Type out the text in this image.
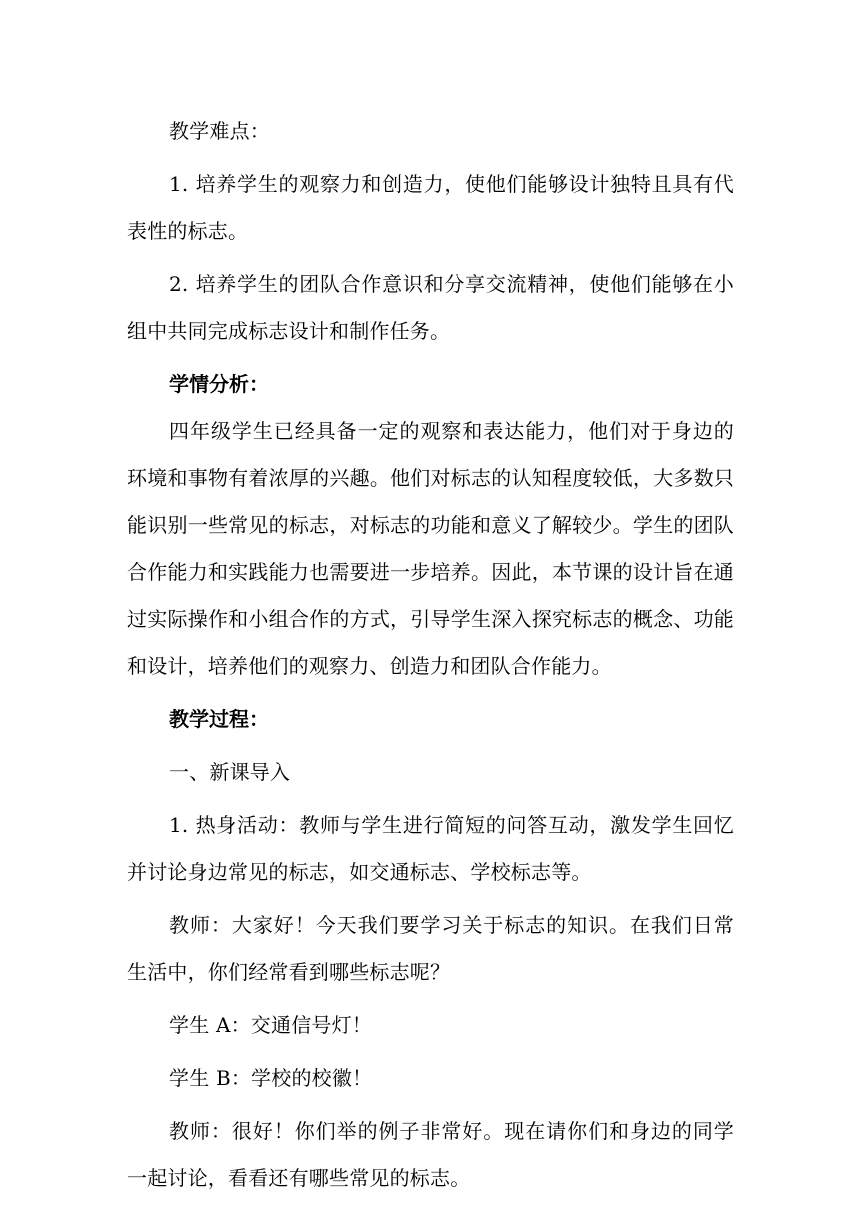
教学难点：

1. 培养学生的观察力和创造力，使他们能够设计独特且具有代表性的标志。

2. 培养学生的团队合作意识和分享交流精神，使他们能够在小组中共同完成标志设计和制作任务。

学情分析：

四年级学生已经具备一定的观察和表达能力，他们对于身边的环境和事物有着浓厚的兴趣。他们对标志的认知程度较低，大多数只能识别一些常见的标志，对标志的功能和意义了解较少。学生的团队合作能力和实践能力也需要进一步培养。因此，本节课的设计旨在通过实际操作和小组合作的方式，引导学生深入探究标志的概念、功能和设计，培养他们的观察力、创造力和团队合作能力。

教学过程：

一、新课导入

1. 热身活动：教师与学生进行简短的问答互动，激发学生回忆并讨论身边常见的标志，如交通标志、学校标志等。

教师：大家好！今天我们要学习关于标志的知识。在我们日常生活中，你们经常看到哪些标志呢？

学生 A：交通信号灯！

学生 B：学校的校徽！

教师：很好！你们举的例子非常好。现在请你们和身边的同学一起讨论，看看还有哪些常见的标志。
